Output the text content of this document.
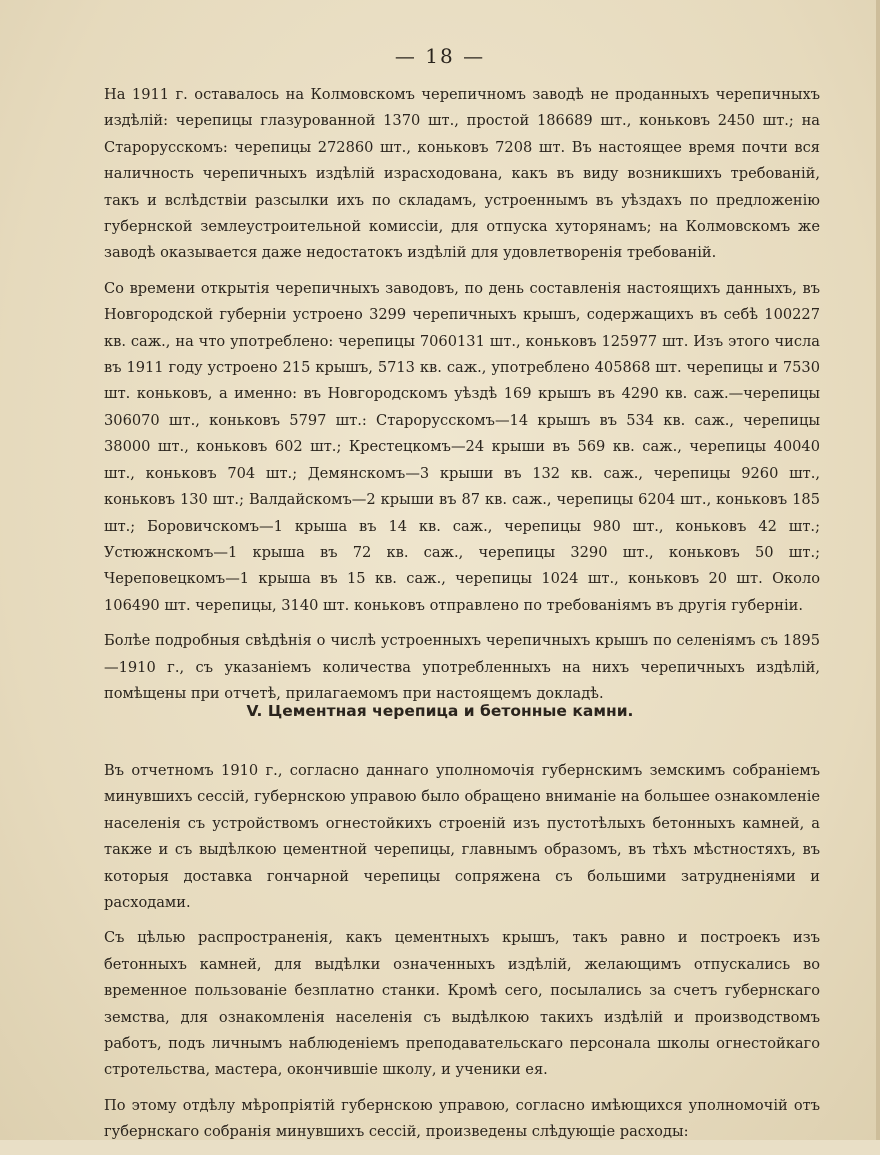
— 18 —

На 1911 г. оставалось на Колмовскомъ черепичномъ заводѣ не проданныхъ черепичныхъ издѣлій: черепицы глазурованной 1370 шт., простой 186689 шт., коньковъ 2450 шт.; на Старорусскомъ: черепицы 272860 шт., коньковъ 7208 шт. Въ настоящее время почти вся наличность черепичныхъ издѣлій израсходована, какъ въ виду возникшихъ требованій, такъ и вслѣдствіи разсылки ихъ по складамъ, устроеннымъ въ уѣздахъ по предложенію губернской землеустроительной комиссіи, для отпуска хуторянамъ; на Колмовскомъ же заводѣ оказывается даже недостатокъ издѣлій для удовлетворенія требованій.

Со времени открытія черепичныхъ заводовъ, по день составленія настоящихъ данныхъ, въ Новгородской губерніи устроено 3299 черепичныхъ крышъ, содержащихъ въ себѣ 100227 кв. саж., на что употреблено: черепицы 7060131 шт., коньковъ 125977 шт. Изъ этого числа въ 1911 году устроено 215 крышъ, 5713 кв. саж., употреблено 405868 шт. черепицы и 7530 шт. коньковъ, а именно: въ Новгородскомъ уѣздѣ 169 крышъ въ 4290 кв. саж.—черепицы 306070 шт., коньковъ 5797 шт.: Старорусскомъ—14 крышъ въ 534 кв. саж., черепицы 38000 шт., коньковъ 602 шт.; Крестецкомъ—24 крыши въ 569 кв. саж., черепицы 40040 шт., коньковъ 704 шт.; Демянскомъ—3 крыши въ 132 кв. саж., черепицы 9260 шт., коньковъ 130 шт.; Валдайскомъ—2 крыши въ 87 кв. саж., черепицы 6204 шт., коньковъ 185 шт.; Боровичскомъ—1 крыша въ 14 кв. саж., черепицы 980 шт., коньковъ 42 шт.; Устюжнскомъ—1 крыша въ 72 кв. саж., черепицы 3290 шт., коньковъ 50 шт.; Череповецкомъ—1 крыша въ 15 кв. саж., черепицы 1024 шт., коньковъ 20 шт. Около 106490 шт. черепицы, 3140 шт. коньковъ отправлено по требованіямъ въ другія губерніи.

Болѣе подробныя свѣдѣнія о числѣ устроенныхъ черепичныхъ крышъ по селеніямъ съ 1895—1910 г., съ указаніемъ количества употребленныхъ на нихъ черепичныхъ издѣлій, помѣщены при отчетѣ, прилагаемомъ при настоящемъ докладѣ.

V. Цементная черепица и бетонные камни.

Въ отчетномъ 1910 г., согласно даннаго уполномочія губернскимъ земскимъ собраніемъ минувшихъ сессій, губернскою управою было обращено вниманіе на большее ознакомленіе населенія съ устройствомъ огнестойкихъ строеній изъ пустотѣлыхъ бетонныхъ камней, а также и съ выдѣлкою цементной черепицы, главнымъ образомъ, въ тѣхъ мѣстностяхъ, въ которыя доставка гончарной черепицы сопряжена съ большими затрудненіями и расходами.

Съ цѣлью распространенія, какъ цементныхъ крышъ, такъ равно и построекъ изъ бетонныхъ камней, для выдѣлки означенныхъ издѣлій, желающимъ отпускались во временное пользованіе безплатно станки. Кромѣ сего, посылались за счетъ губернскаго земства, для ознакомленія населенія съ выдѣлкою такихъ издѣлій и производствомъ работъ, подъ личнымъ наблюденіемъ преподавательскаго персонала школы огнестойкаго стротельства, мастера, окончившіе школу, и ученики ея.

По этому отдѣлу мѣропріятій губернскою управою, согласно имѣющихся уполномочій отъ губернскаго собранія минувшихъ сессій, произведены слѣдующіе расходы:
